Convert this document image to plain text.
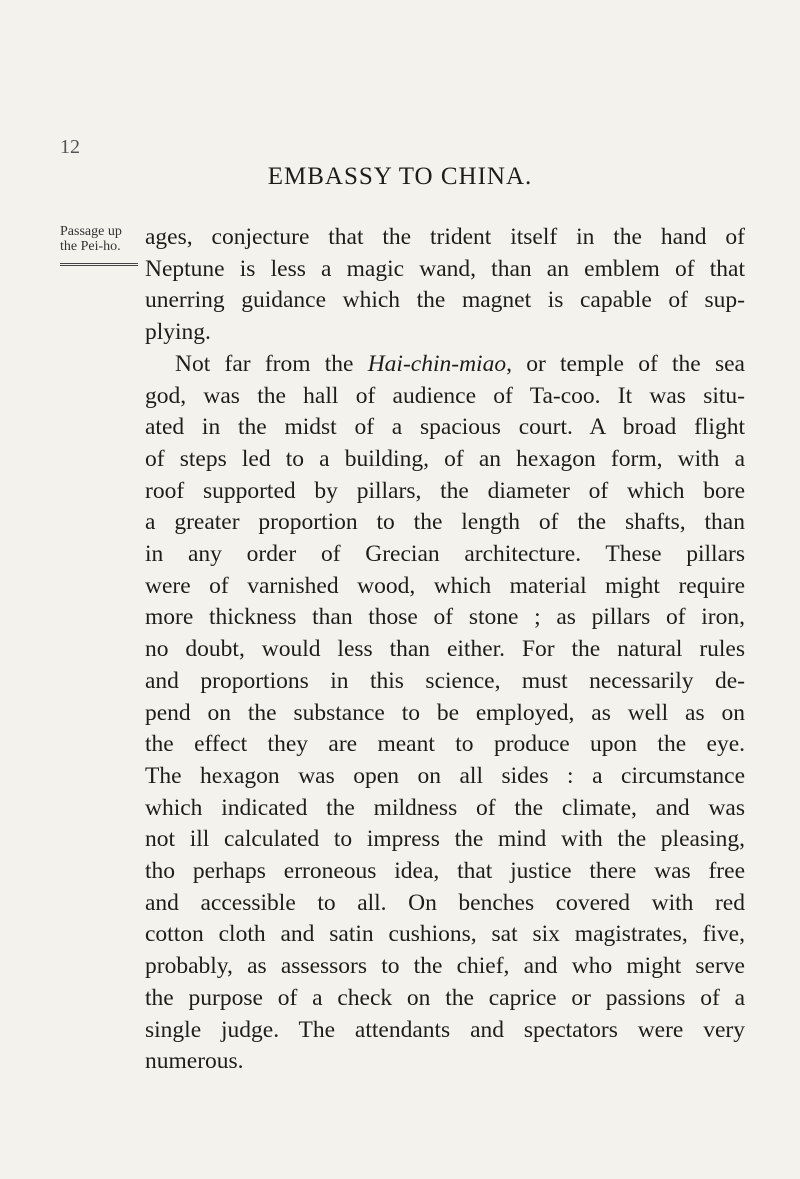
12
EMBASSY TO CHINA.
Passage up
the Pei-ho.	ages, conjecture that the trident itself in the hand of
Neptune is less a magic wand, than an emblem of that
unerring guidance which the magnet is capable of sup-
plying.
Not far from the Hai-chin-miao, or temple of the sea
god, was the hall of audience of Ta-coo. It was situ-
ated in the midst of a spacious court. A broad flight
of steps led to a building, of an hexagon form, with a
roof supported by pillars, the diameter of which bore
a greater proportion to the length of the shafts, than
in any order of Grecian architecture. These pillars
were of varnished wood, which material might require
more thickness than those of stone ; as pillars of iron,
no doubt, would less than either. For the natural rules
and proportions in this science, must necessarily de-
pend on the substance to be employed, as well as on
the effect they are meant to produce upon the eye.
The hexagon was open on all sides : a circumstance
which indicated the mildness of the climate, and was
not ill calculated to impress the mind with the pleasing,
tho perhaps erroneous idea, that justice there was free
and accessible to all. On benches covered with red
cotton cloth and satin cushions, sat six magistrates, five,
probably, as assessors to the chief, and who might serve
the purpose of a check on the caprice or passions of a
single judge. The attendants and spectators were very
numerous.
